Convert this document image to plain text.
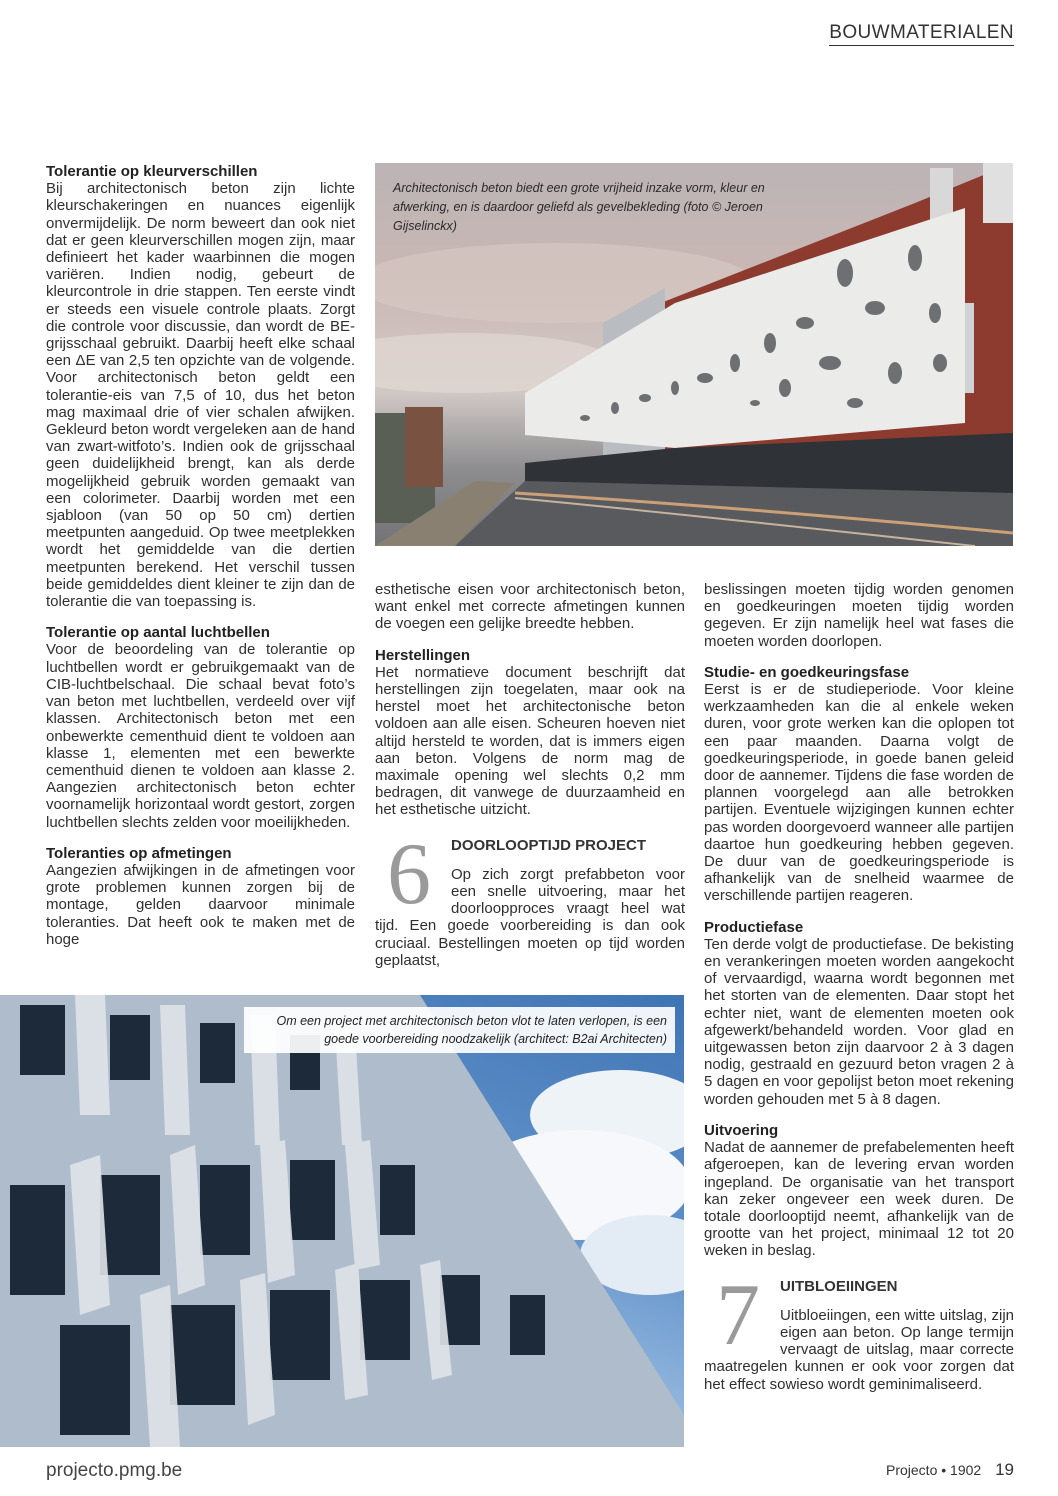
BOUWMATERIALEN
Architectonisch beton biedt een grote vrijheid inzake vorm, kleur en afwerking, en is daardoor geliefd als gevelbekleding (foto © Jeroen Gijselinckx)
Tolerantie op kleurverschillen

Bij architectonisch beton zijn lichte kleurschakeringen en nuances eigenlijk onvermijdelijk. De norm beweert dan ook niet dat er geen kleurverschillen mogen zijn, maar definieert het kader waarbinnen die mogen variëren. Indien nodig, gebeurt de kleurcontrole in drie stappen. Ten eerste vindt er steeds een visuele controle plaats. Zorgt die controle voor discussie, dan wordt de BE-grijsschaal gebruikt. Daarbij heeft elke schaal een ΔE van 2,5 ten opzichte van de volgende. Voor architectonisch beton geldt een tolerantie-eis van 7,5 of 10, dus het beton mag maximaal drie of vier schalen afwijken. Gekleurd beton wordt vergeleken aan de hand van zwart-witfoto’s. Indien ook de grijsschaal geen duidelijkheid brengt, kan als derde mogelijkheid gebruik worden gemaakt van een colorimeter. Daarbij worden met een sjabloon (van 50 op 50 cm) dertien meetpunten aangeduid. Op twee meetplekken wordt het gemiddelde van die dertien meetpunten berekend. Het verschil tussen beide gemiddeldes dient kleiner te zijn dan de tolerantie die van toepassing is.

Tolerantie op aantal luchtbellen

Voor de beoordeling van de tolerantie op luchtbellen wordt er gebruikgemaakt van de CIB-luchtbelschaal. Die schaal bevat foto’s van beton met luchtbellen, verdeeld over vijf klassen. Architectonisch beton met een onbewerkte cementhuid dient te voldoen aan klasse 1, elementen met een bewerkte cementhuid dienen te voldoen aan klasse 2. Aangezien architectonisch beton echter voornamelijk horizontaal wordt gestort, zorgen luchtbellen slechts zelden voor moeilijkheden.

Toleranties op afmetingen

Aangezien afwijkingen in de afmetingen voor grote problemen kunnen zorgen bij de montage, gelden daarvoor minimale toleranties. Dat heeft ook te maken met de hoge

esthetische eisen voor architectonisch beton, want enkel met correcte afmetingen kunnen de voegen een gelijke breedte hebben.

Herstellingen

Het normatieve document beschrijft dat herstellingen zijn toegelaten, maar ook na herstel moet het architectonische beton voldoen aan alle eisen. Scheuren hoeven niet altijd hersteld te worden, dat is immers eigen aan beton. Volgens de norm mag de maximale opening wel slechts 0,2 mm bedragen, dit vanwege de duurzaamheid en het esthetische uitzicht.

6	DOORLOOPTIJD PROJECT

Op zich zorgt prefabbeton voor een snelle uitvoering, maar het doorloopproces vraagt heel wat tijd. Een goede voorbereiding is dan ook cruciaal. Bestellingen moeten op tijd worden geplaatst,

beslissingen moeten tijdig worden genomen en goedkeuringen moeten tijdig worden gegeven. Er zijn namelijk heel wat fases die moeten worden doorlopen.

Studie- en goedkeuringsfase

Eerst is er de studieperiode. Voor kleine werkzaamheden kan die al enkele weken duren, voor grote werken kan die oplopen tot een paar maanden. Daarna volgt de goedkeuringsperiode, in goede banen geleid door de aannemer. Tijdens die fase worden de plannen voorgelegd aan alle betrokken partijen. Eventuele wijzigingen kunnen echter pas worden doorgevoerd wanneer alle partijen daartoe hun goedkeuring hebben gegeven. De duur van de goedkeuringsperiode is afhankelijk van de snelheid waarmee de verschillende partijen reageren.

Productiefase

Ten derde volgt de productiefase. De bekisting en verankeringen moeten worden aangekocht of vervaardigd, waarna wordt begonnen met het storten van de elementen. Daar stopt het echter niet, want de elementen moeten ook afgewerkt/behandeld worden. Voor glad en uitgewassen beton zijn daarvoor 2 à 3 dagen nodig, gestraald en gezuurd beton vragen 2 à 5 dagen en voor gepolijst beton moet rekening worden gehouden met 5 à 8 dagen.

Uitvoering

Nadat de aannemer de prefabelementen heeft afgeroepen, kan de levering ervan worden ingepland. De organisatie van het transport kan zeker ongeveer een week duren. De totale doorlooptijd neemt, afhankelijk van de grootte van het project, minimaal 12 tot 20 weken in beslag.

7	UITBLOEIINGEN

Uitbloeiingen, een witte uitslag, zijn eigen aan beton. Op lange termijn vervaagt de uitslag, maar correcte maatregelen kunnen er ook voor zorgen dat het effect sowieso wordt geminimaliseerd.

Om een project met architectonisch beton vlot te laten verlopen, is een goede voorbereiding noodzakelijk (architect: B2ai Architecten)
projecto.pmg.be	Projecto • 1902 19
